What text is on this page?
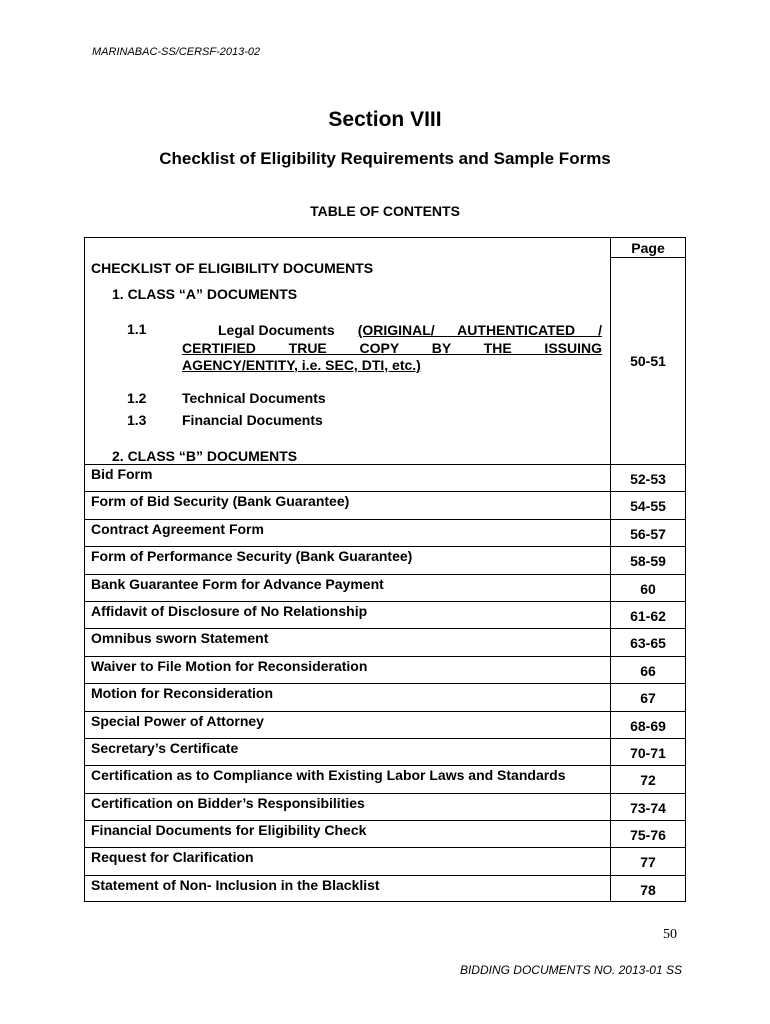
MARINABAC-SS/CERSF-2013-02
Section VIII
Checklist of Eligibility Requirements and Sample Forms
TABLE OF CONTENTS
Page
CHECKLIST OF ELIGIBILITY DOCUMENTS
1. CLASS “A” DOCUMENTS
1.1	Legal Documents (ORIGINAL/ AUTHENTICATED / CERTIFIED TRUE COPY BY THE ISSUING
AGENCY/ENTITY, i.e. SEC, DTI, etc.)	50-51
1.2	Technical Documents
1.3	Financial Documents
2. CLASS “B” DOCUMENTS
Bid Form	52-53
Form of Bid Security (Bank Guarantee)	54-55
Contract Agreement Form	56-57
Form of Performance Security (Bank Guarantee)	58-59
Bank Guarantee Form for Advance Payment	60
Affidavit of Disclosure of No Relationship	61-62
Omnibus sworn Statement	63-65
Waiver to File Motion for Reconsideration	66
Motion for Reconsideration	67
Special Power of Attorney	68-69
Secretary’s Certificate	70-71
Certification as to Compliance with Existing Labor Laws and Standards	72
Certification on Bidder’s Responsibilities	73-74
Financial Documents for Eligibility Check	75-76
Request for Clarification	77
Statement of Non- Inclusion in the Blacklist	78
50
BIDDING DOCUMENTS NO. 2013-01 SS
